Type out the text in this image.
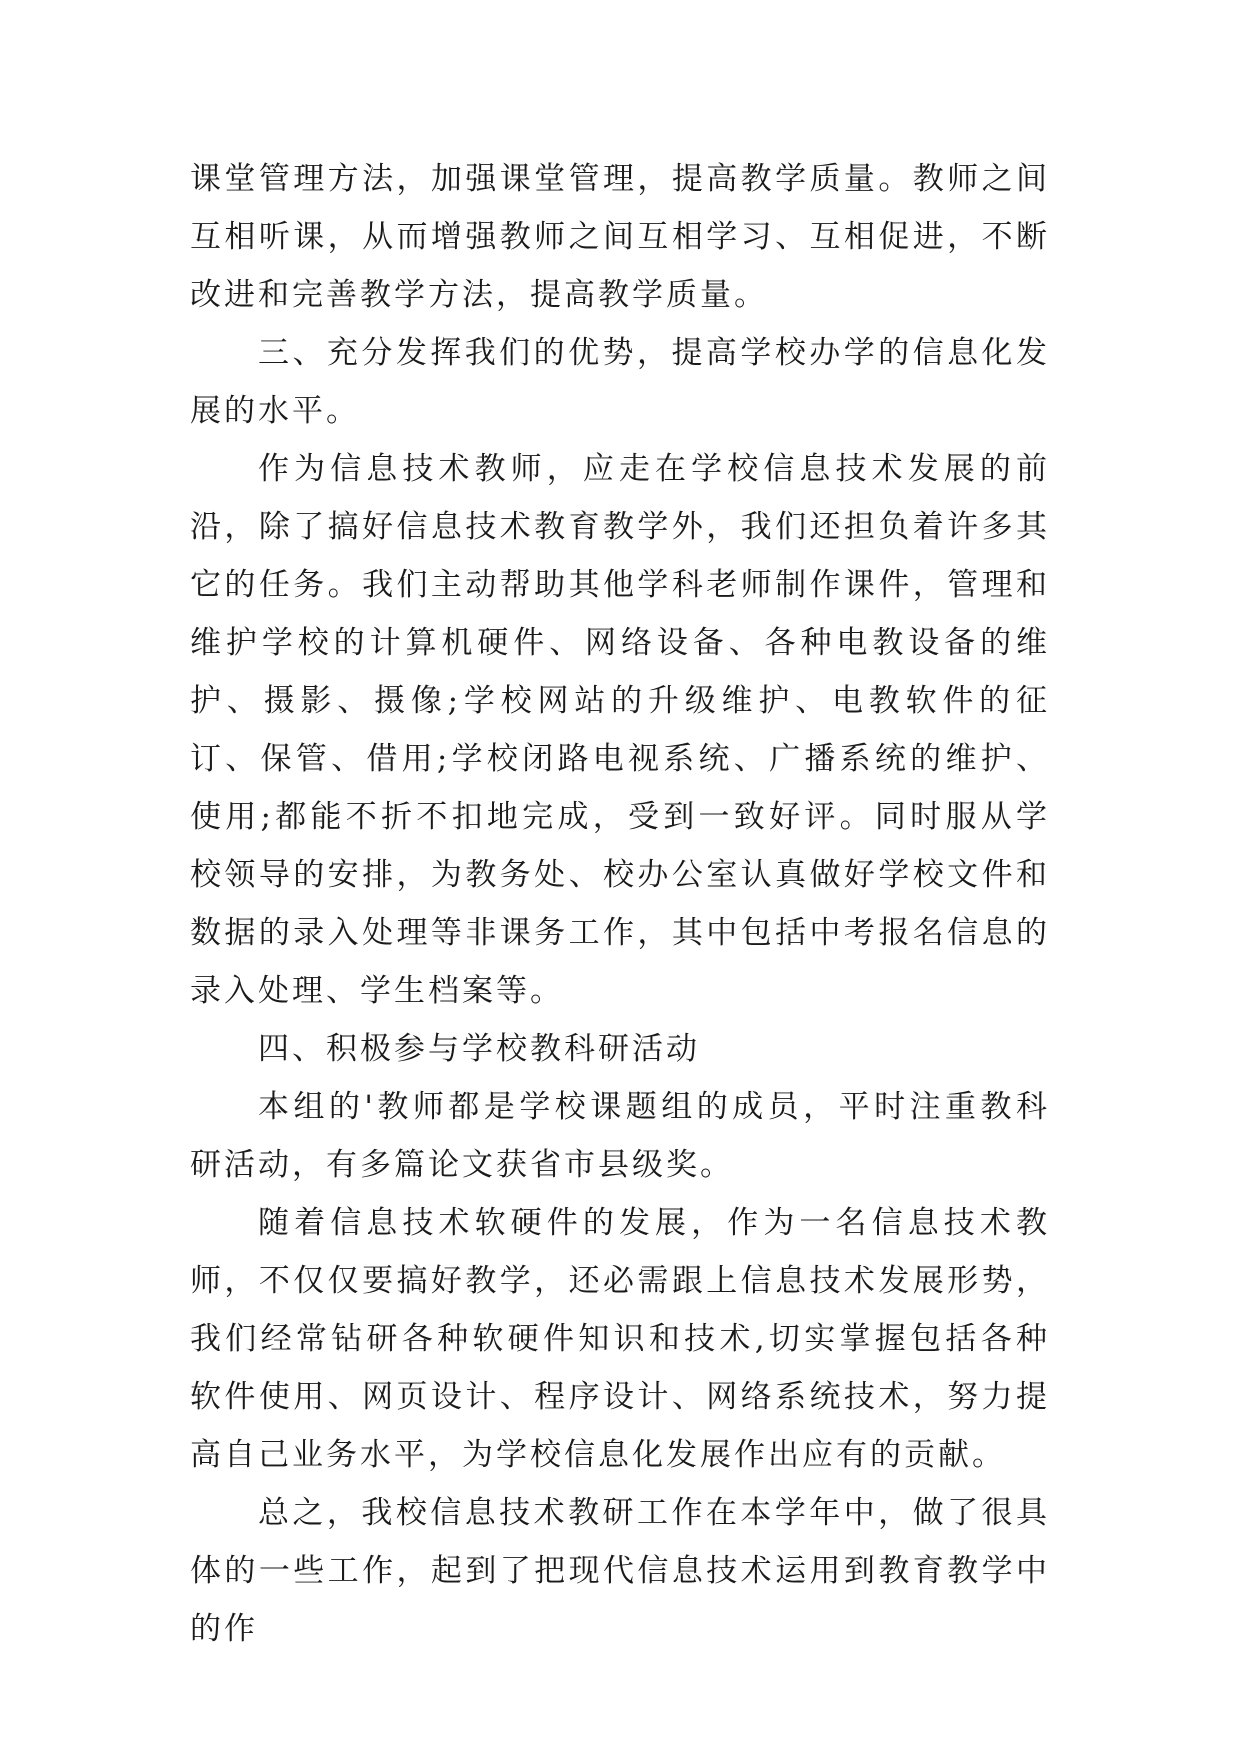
课堂管理方法，加强课堂管理，提高教学质量。教师之间互相听课，从而增强教师之间互相学习、互相促进，不断改进和完善教学方法，提高教学质量。

三、充分发挥我们的优势，提高学校办学的信息化发展的水平。

作为信息技术教师，应走在学校信息技术发展的前沿，除了搞好信息技术教育教学外，我们还担负着许多其它的任务。我们主动帮助其他学科老师制作课件，管理和维护学校的计算机硬件、网络设备、各种电教设备的维护、摄影、摄像;学校网站的升级维护、电教软件的征订、保管、借用;学校闭路电视系统、广播系统的维护、使用;都能不折不扣地完成，受到一致好评。同时服从学校领导的安排，为教务处、校办公室认真做好学校文件和数据的录入处理等非课务工作，其中包括中考报名信息的录入处理、学生档案等。

四、积极参与学校教科研活动

本组的'教师都是学校课题组的成员，平时注重教科研活动，有多篇论文获省市县级奖。

随着信息技术软硬件的发展，作为一名信息技术教师，不仅仅要搞好教学，还必需跟上信息技术发展形势，我们经常钻研各种软硬件知识和技术,切实掌握包括各种软件使用、网页设计、程序设计、网络系统技术，努力提高自己业务水平，为学校信息化发展作出应有的贡献。

总之，我校信息技术教研工作在本学年中，做了很具体的一些工作，起到了把现代信息技术运用到教育教学中的作
